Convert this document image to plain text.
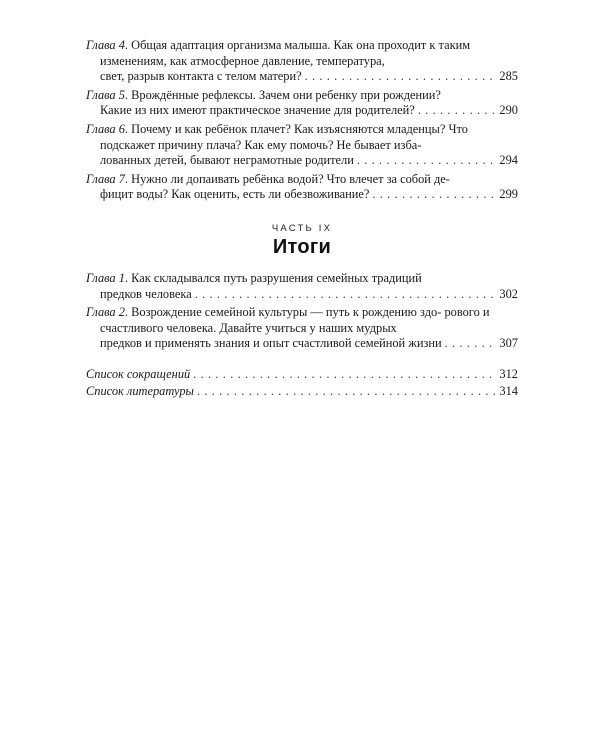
Глава 4. Общая адаптация организма малыша. Как она проходит к таким изменениям, как атмосферное давление, температура,
свет, разрыв контакта с телом матери? . . .	285
Глава 5. Врождённые рефлексы. Зачем они ребенку при рождении?
Какие из них имеют практическое значение для родителей? . . .	290
Глава 6. Почему и как ребёнок плачет? Как изъясняются младенцы? Что подскажет причину плача? Как ему помочь? Не бывает изба-
лованных детей, бывают неграмотные родители . . .	294
Глава 7. Нужно ли допаивать ребёнка водой? Что влечет за собой де-
фицит воды? Как оценить, есть ли обезвоживание? . . .	299
ЧАСТЬ IX
Итоги
Глава 1. Как складывался путь разрушения семейных традиций
предков человека . . .	302
Глава 2. Возрождение семейной культуры — путь к рождению здо- рового и счастливого человека. Давайте учиться у наших мудрых
предков и применять знания и опыт счастливой семейной жизни . . .	307
Список сокращений . . .	312
Список литературы . . .	314
